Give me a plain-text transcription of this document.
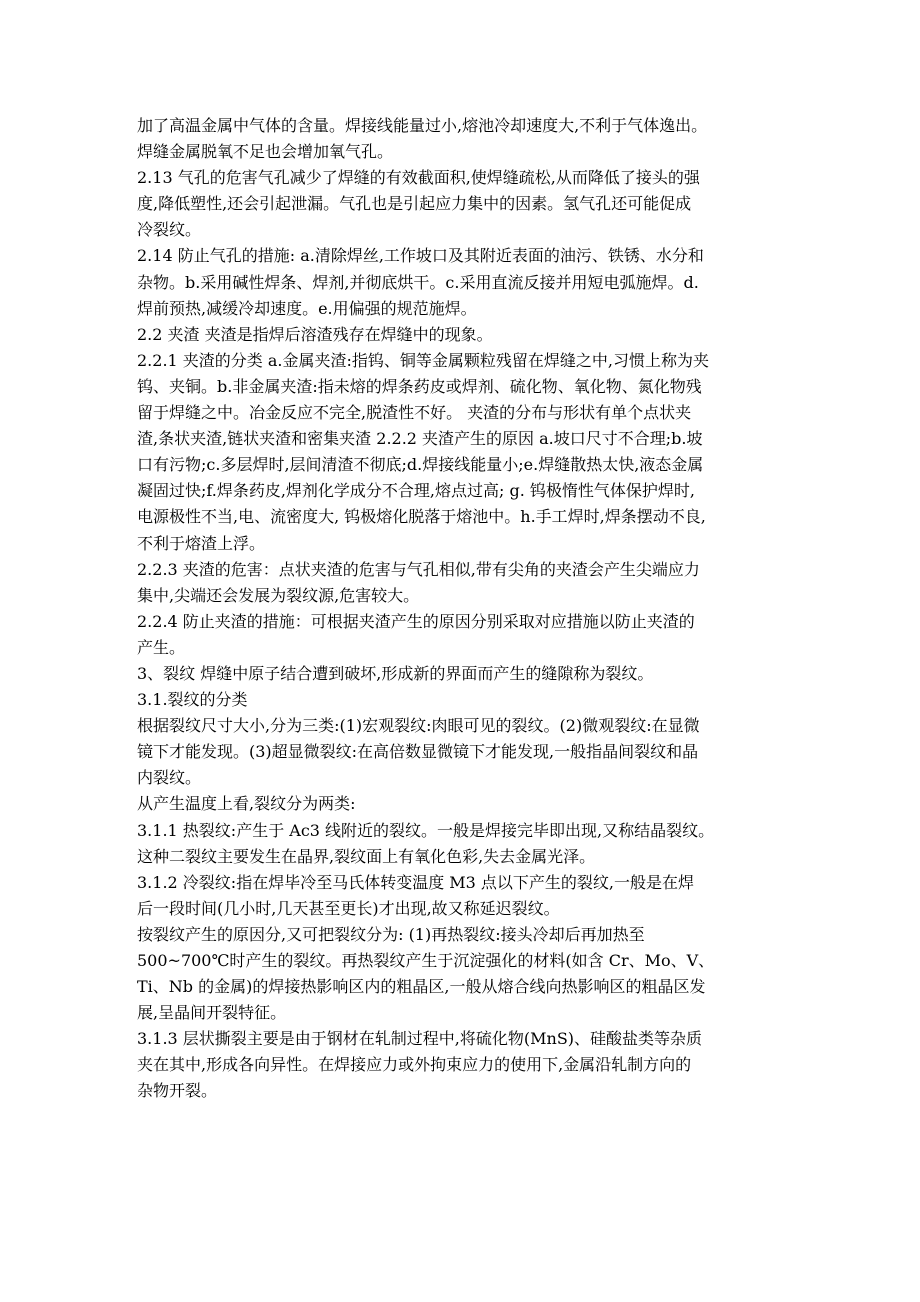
加了高温金属中气体的含量。焊接线能量过小,熔池冷却速度大,不利于气体逸出。
焊缝金属脱氧不足也会增加氧气孔。
2.13 气孔的危害气孔减少了焊缝的有效截面积,使焊缝疏松,从而降低了接头的强
度,降低塑性,还会引起泄漏。气孔也是引起应力集中的因素。氢气孔还可能促成
冷裂纹。
2.14 防止气孔的措施: a.清除焊丝,工作坡口及其附近表面的油污、铁锈、水分和
杂物。b.采用碱性焊条、焊剂,并彻底烘干。c.采用直流反接并用短电弧施焊。d.
焊前预热,减缓冷却速度。e.用偏强的规范施焊。
2.2 夹渣 夹渣是指焊后溶渣残存在焊缝中的现象。
2.2.1 夹渣的分类 a.金属夹渣:指钨、铜等金属颗粒残留在焊缝之中,习惯上称为夹
钨、夹铜。b.非金属夹渣:指未熔的焊条药皮或焊剂、硫化物、氧化物、氮化物残
留于焊缝之中。冶金反应不完全,脱渣性不好。 夹渣的分布与形状有单个点状夹
渣,条状夹渣,链状夹渣和密集夹渣 2.2.2 夹渣产生的原因 a.坡口尺寸不合理;b.坡
口有污物;c.多层焊时,层间清渣不彻底;d.焊接线能量小;e.焊缝散热太快,液态金属
凝固过快;f.焊条药皮,焊剂化学成分不合理,熔点过高; g. 钨极惰性气体保护焊时,
电源极性不当,电、流密度大, 钨极熔化脱落于熔池中。h.手工焊时,焊条摆动不良,
不利于熔渣上浮。
2.2.3 夹渣的危害：点状夹渣的危害与气孔相似,带有尖角的夹渣会产生尖端应力
集中,尖端还会发展为裂纹源,危害较大。
2.2.4 防止夹渣的措施：可根据夹渣产生的原因分别采取对应措施以防止夹渣的
产生。
3、裂纹 焊缝中原子结合遭到破坏,形成新的界面而产生的缝隙称为裂纹。
3.1.裂纹的分类
根据裂纹尺寸大小,分为三类:(1)宏观裂纹:肉眼可见的裂纹。(2)微观裂纹:在显微
镜下才能发现。(3)超显微裂纹:在高倍数显微镜下才能发现,一般指晶间裂纹和晶
内裂纹。
从产生温度上看,裂纹分为两类:
3.1.1 热裂纹:产生于 Ac3 线附近的裂纹。一般是焊接完毕即出现,又称结晶裂纹。
这种二裂纹主要发生在晶界,裂纹面上有氧化色彩,失去金属光泽。
3.1.2 冷裂纹:指在焊毕冷至马氏体转变温度 M3 点以下产生的裂纹,一般是在焊
后一段时间(几小时,几天甚至更长)才出现,故又称延迟裂纹。
按裂纹产生的原因分,又可把裂纹分为: (1)再热裂纹:接头冷却后再加热至
500~700℃时产生的裂纹。再热裂纹产生于沉淀强化的材料(如含 Cr、Mo、V、
Ti、Nb 的金属)的焊接热影响区内的粗晶区,一般从熔合线向热影响区的粗晶区发
展,呈晶间开裂特征。
3.1.3 层状撕裂主要是由于钢材在轧制过程中,将硫化物(MnS)、硅酸盐类等杂质
夹在其中,形成各向异性。在焊接应力或外拘束应力的使用下,金属沿轧制方向的
杂物开裂。
